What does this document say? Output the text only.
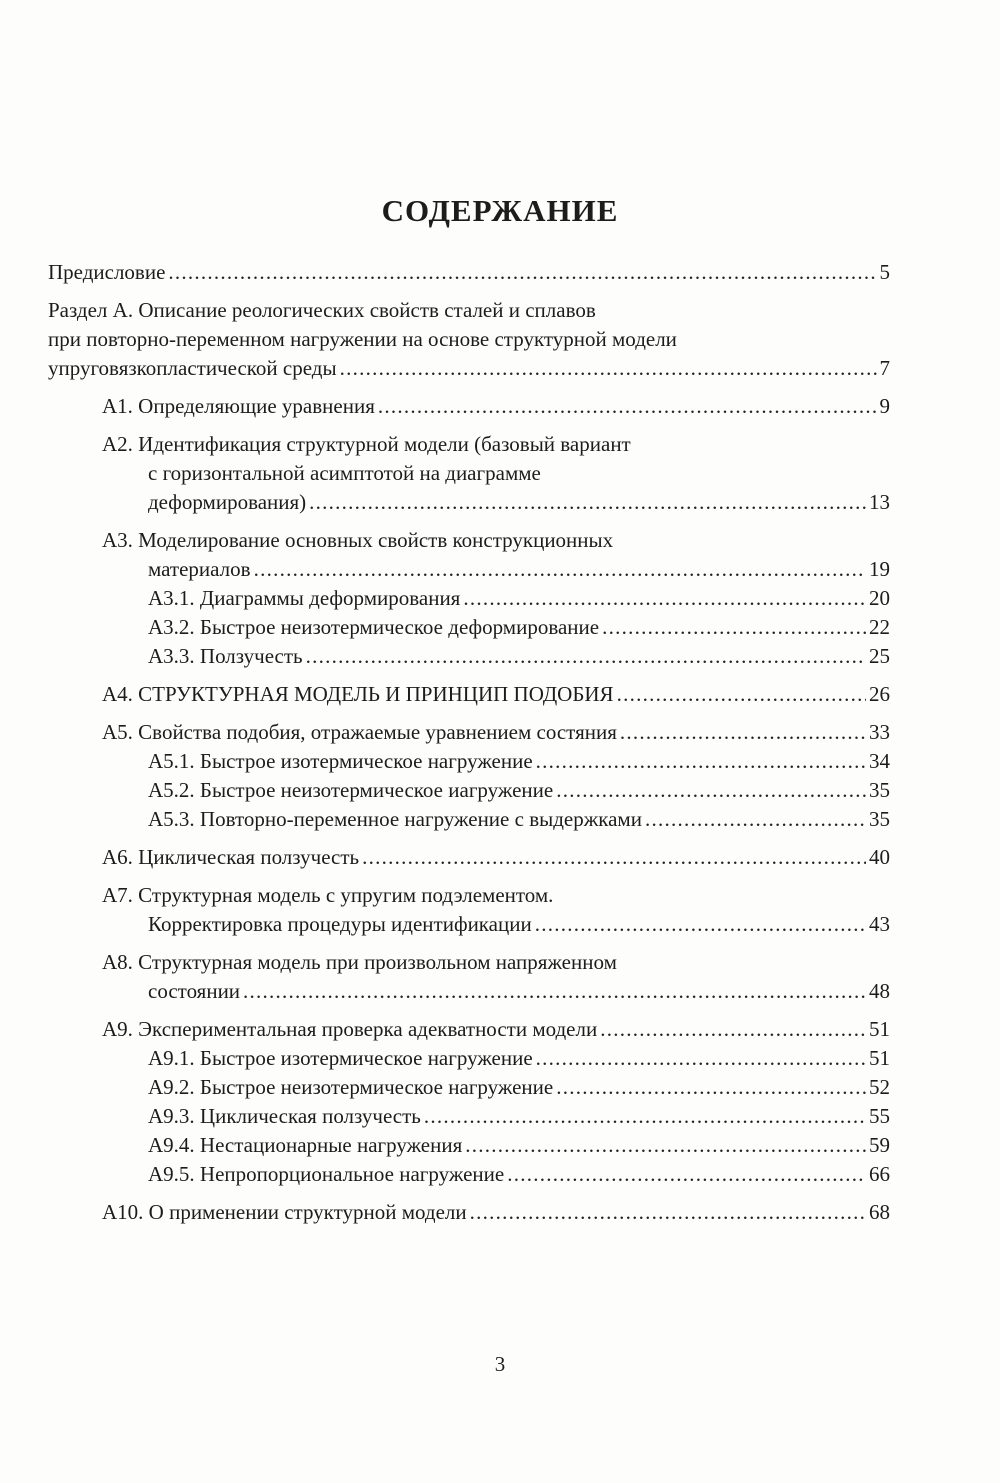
СОДЕРЖАНИЕ
Предисловие . . .	5
Раздел А. Описание реологических свойств сталей и сплавов
при повторно-переменном нагружении на основе структурной модели
упруговязкопластической среды . . .	7
А1. Определяющие уравнения . . .	9
А2. Идентификация структурной модели (базовый вариант
с горизонтальной асимптотой на диаграмме
деформирования) . . .	13
А3. Моделирование основных свойств конструкционных
материалов . . .	19
А3.1. Диаграммы деформирования . . .	20
А3.2. Быстрое неизотермическое деформирование . . .	22
А3.3. Ползучесть . . .	25
А4. СТРУКТУРНАЯ МОДЕЛЬ И ПРИНЦИП ПОДОБИЯ . . .	26
А5. Свойства подобия, отражаемые уравнением состяния . . .	33
А5.1. Быстрое изотермическое нагружение . . .	34
А5.2. Быстрое неизотермическое иагружение . . .	35
А5.3. Повторно-переменное нагружение с выдержками . . .	35
А6. Циклическая ползучесть . . .	40
А7. Структурная модель с упругим подэлементом.
Корректировка процедуры идентификации . . .	43
А8. Структурная модель при произвольном напряженном
состоянии . . .	48
А9. Экспериментальная проверка адекватности модели . . .	51
А9.1. Быстрое изотермическое нагружение . . .	51
А9.2. Быстрое неизотермическое нагружение . . .	52
А9.3. Циклическая ползучесть . . .	55
А9.4. Нестационарные нагружения . . .	59
А9.5. Непропорциональное нагружение . . .	66
А10. О применении структурной модели . . .	68
3
